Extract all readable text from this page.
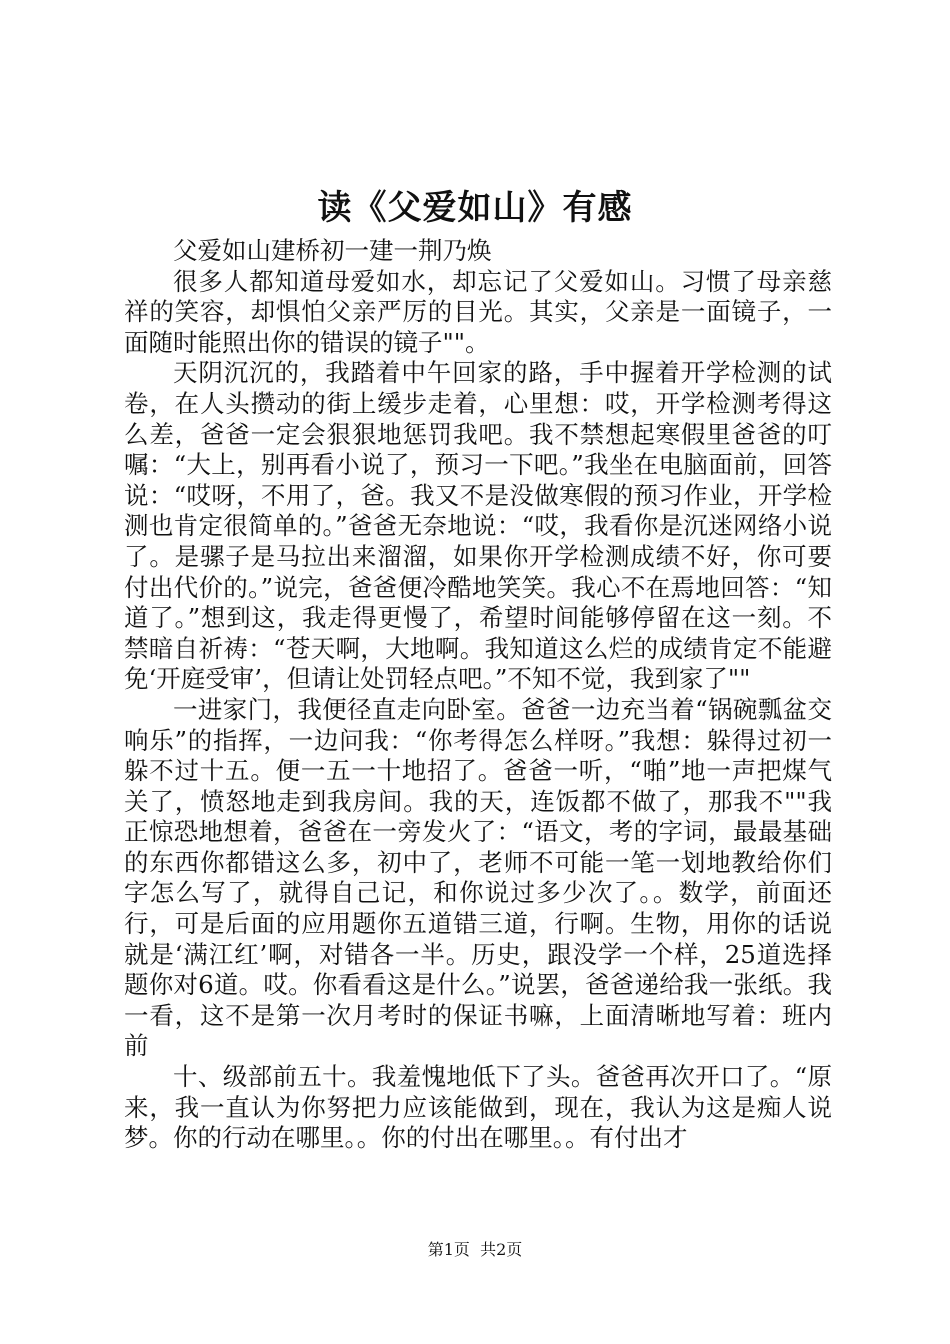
读《父爱如山》有感

父爱如山建桥初一建一荆乃焕

很多人都知道母爱如水，却忘记了父爱如山。习惯了母亲慈祥的笑容，却惧怕父亲严厉的目光。其实，父亲是一面镜子，一面随时能照出你的错误的镜子""。

天阴沉沉的，我踏着中午回家的路，手中握着开学检测的试卷，在人头攒动的街上缓步走着，心里想：哎，开学检测考得这么差，爸爸一定会狠狠地惩罚我吧。我不禁想起寒假里爸爸的叮嘱：“大上，别再看小说了，预习一下吧。”我坐在电脑面前，回答说：“哎呀，不用了，爸。我又不是没做寒假的预习作业，开学检测也肯定很简单的。”爸爸无奈地说：“哎，我看你是沉迷网络小说了。是骡子是马拉出来溜溜，如果你开学检测成绩不好，你可要付出代价的。”说完，爸爸便冷酷地笑笑。我心不在焉地回答：“知道了。”想到这，我走得更慢了，希望时间能够停留在这一刻。不禁暗自祈祷：“苍天啊，大地啊。我知道这么烂的成绩肯定不能避免‘开庭受审’，但请让处罚轻点吧。”不知不觉，我到家了""

一进家门，我便径直走向卧室。爸爸一边充当着“锅碗瓢盆交响乐”的指挥，一边问我：“你考得怎么样呀。”我想：躲得过初一躲不过十五。便一五一十地招了。爸爸一听，“啪”地一声把煤气关了，愤怒地走到我房间。我的天，连饭都不做了，那我不""我正惊恐地想着，爸爸在一旁发火了：“语文，考的字词，最最基础的东西你都错这么多，初中了，老师不可能一笔一划地教给你们字怎么写了，就得自己记，和你说过多少次了。。数学，前面还行，可是后面的应用题你五道错三道，行啊。生物，用你的话说就是‘满江红’啊，对错各一半。历史，跟没学一个样，25道选择题你对6道。哎。你看看这是什么。”说罢，爸爸递给我一张纸。我一看，这不是第一次月考时的保证书嘛，上面清晰地写着：班内前

十、级部前五十。我羞愧地低下了头。爸爸再次开口了。“原来，我一直认为你努把力应该能做到，现在，我认为这是痴人说梦。你的行动在哪里。。你的付出在哪里。。有付出才

第1页 共2页
